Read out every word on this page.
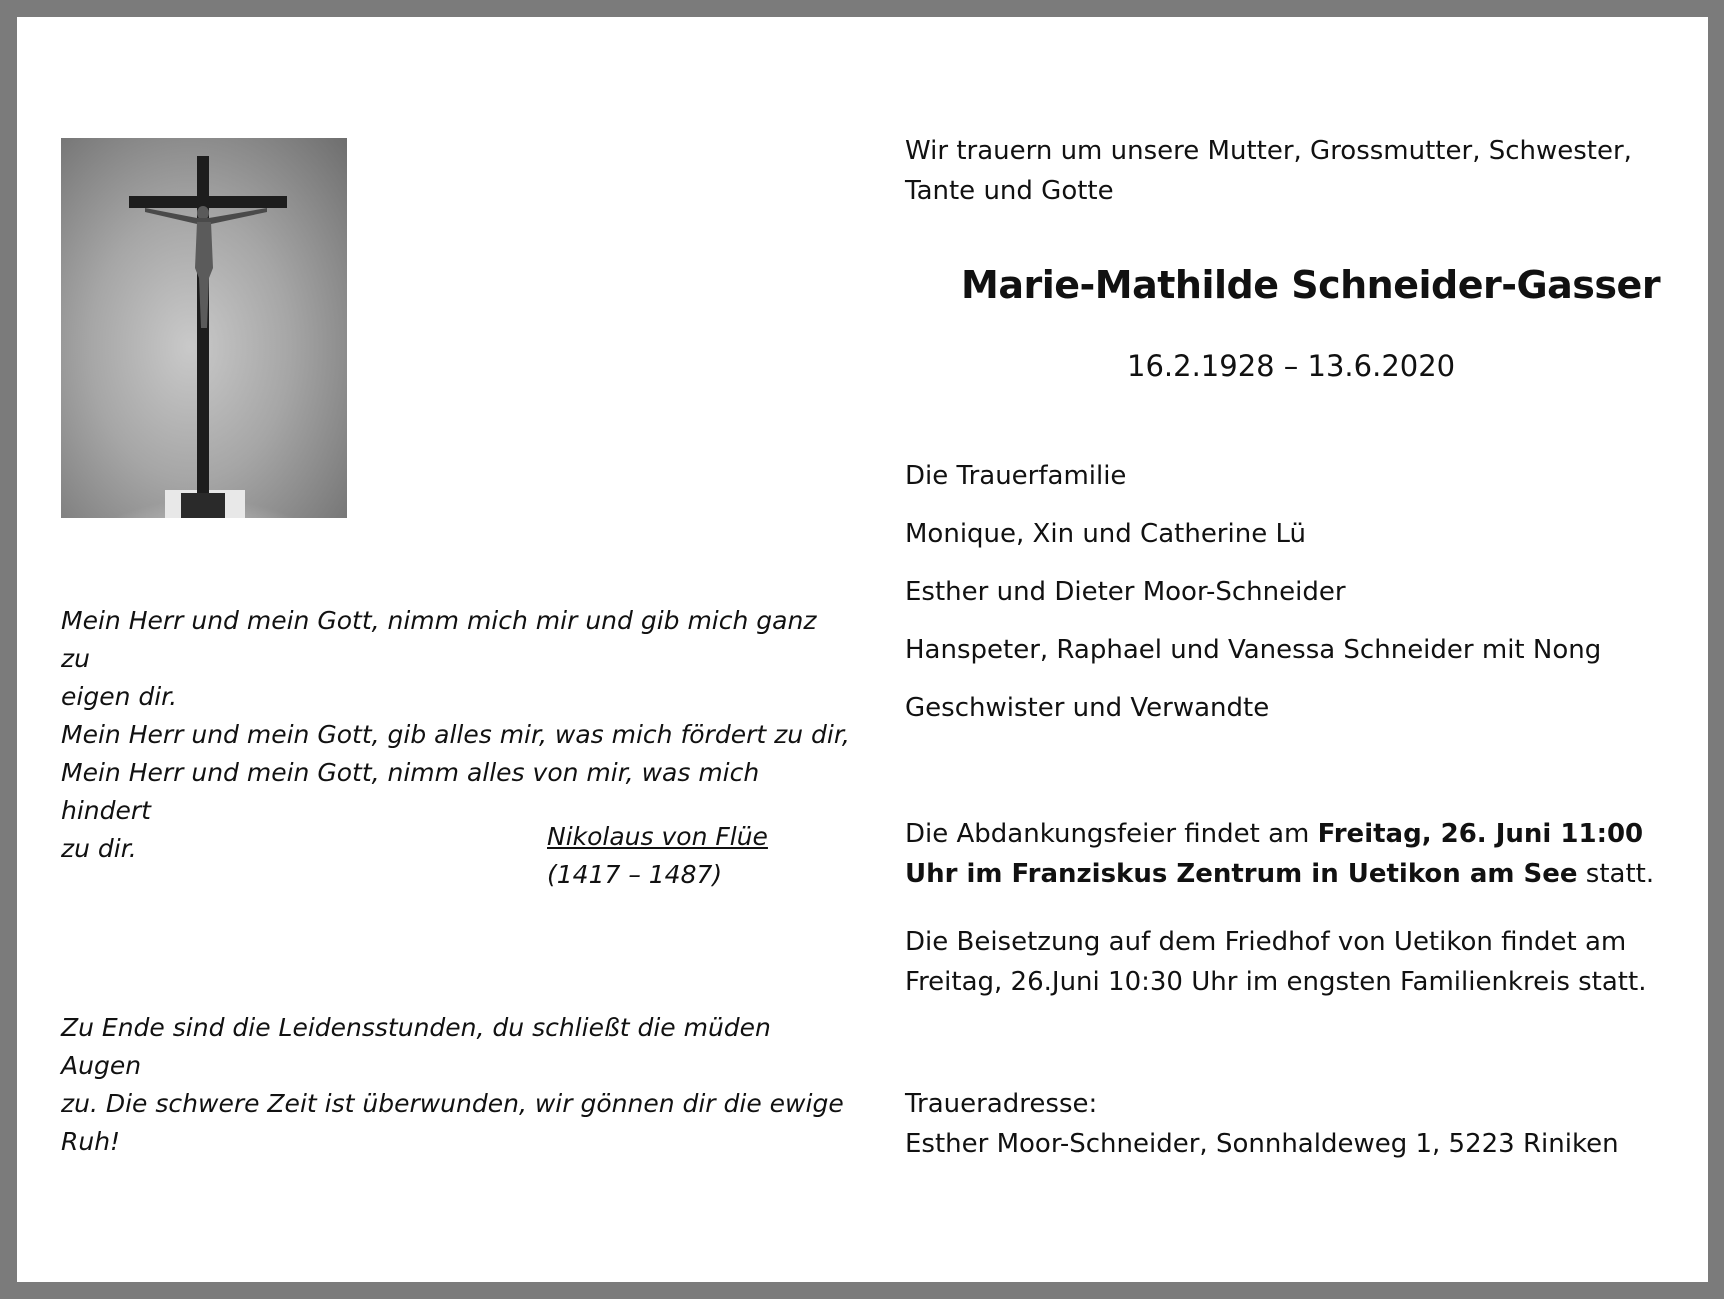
Mein Herr und mein Gott, nimm mich mir und gib mich ganz zu
eigen dir.
Mein Herr und mein Gott, gib alles mir, was mich fördert zu dir,
Mein Herr und mein Gott, nimm alles von mir, was mich hindert
zu dir.	Nikolaus von Flüe
(1417 – 1487)
Zu Ende sind die Leidensstunden, du schließt die müden Augen
zu. Die schwere Zeit ist überwunden, wir gönnen dir die ewige
Ruh!
Wir trauern um unsere Mutter, Grossmutter, Schwester,
Tante und Gotte
Marie-Mathilde Schneider-Gasser
16.2.1928 – 13.6.2020
Die Trauerfamilie
Monique, Xin und Catherine Lü
Esther und Dieter Moor-Schneider
Hanspeter, Raphael und Vanessa Schneider mit Nong
Geschwister und Verwandte
Die Abdankungsfeier findet am Freitag, 26. Juni 11:00
Uhr im Franziskus Zentrum in Uetikon am See statt.
Die Beisetzung auf dem Friedhof von Uetikon findet am
Freitag, 26.Juni 10:30 Uhr im engsten Familienkreis statt.
Traueradresse:
Esther Moor-Schneider, Sonnhaldeweg 1, 5223 Riniken
